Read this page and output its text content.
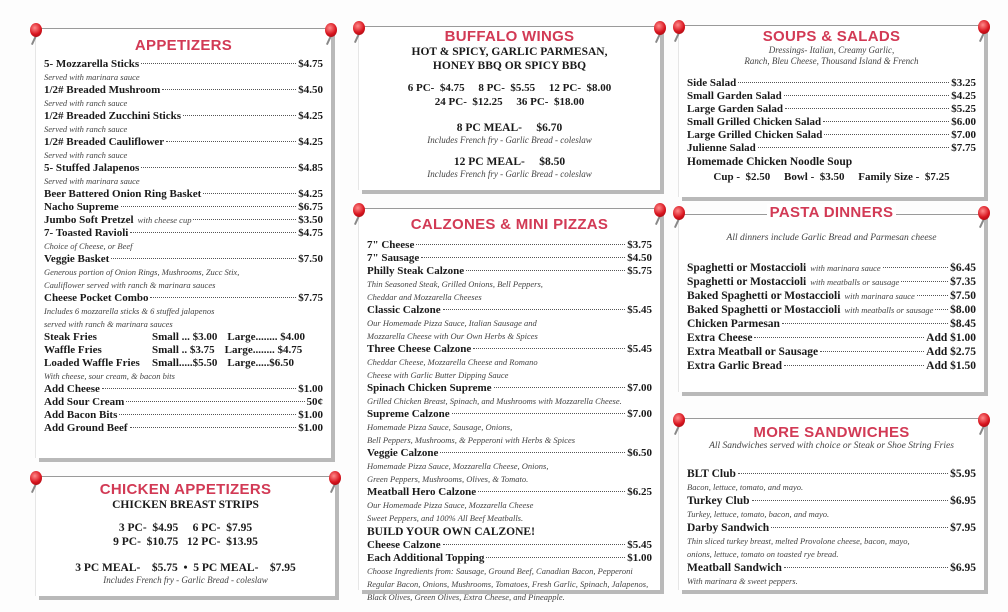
APPETIZERS
5- Mozzarella Sticks	$4.75
Served with marinara sauce
1/2# Breaded Mushroom	$4.50
Served with ranch sauce
1/2# Breaded Zucchini Sticks	$4.25
Served with ranch sauce
1/2# Breaded Cauliflower	$4.25
Served with ranch sauce
5- Stuffed Jalapenos	$4.85
Served with marinara sauce
Beer Battered Onion Ring Basket	$4.25
Nacho Supreme	$6.75
Jumbo Soft Pretzel with cheese cup	$3.50
7- Toasted Ravioli	$4.75
Choice of Cheese, or Beef
Veggie Basket	$7.50
Generous portion of Onion Rings, Mushrooms, Zucc Stix,
Cauliflower served with ranch & marinara sauces
Cheese Pocket Combo	$7.75
Includes 6 mozzarella sticks & 6 stuffed jalapenos
served with ranch & marinara sauces
Steak Fries	Small ... $3.00 Large........ $4.00
Waffle Fries	Small .. $3.75 Large........ $4.75
Loaded Waffle Fries	Small.....$5.50 Large.....$6.50
With cheese, sour cream, & bacon bits
Add Cheese	$1.00
Add Sour Cream	50¢
Add Bacon Bits	$1.00
Add Ground Beef	$1.00
CHICKEN APPETIZERS
CHICKEN BREAST STRIPS
3 PC-  $4.95     6 PC-  $7.95
9 PC-  $10.75   12 PC-  $13.95
3 PC MEAL-    $5.75  •  5 PC MEAL-    $7.95
Includes French fry - Garlic Bread - coleslaw
BUFFALO WINGS
HOT & SPICY, GARLIC PARMESAN,
HONEY BBQ OR SPICY BBQ
6 PC-  $4.75     8 PC-  $5.55     12 PC-  $8.00
24 PC-  $12.25     36 PC-  $18.00
8 PC MEAL-     $6.70
Includes French fry - Garlic Bread - coleslaw
12 PC MEAL-     $8.50
Includes French fry - Garlic Bread - coleslaw
CALZONES & MINI PIZZAS
7" Cheese	$3.75
7" Sausage	$4.50
Philly Steak Calzone	$5.75
Thin Seasoned Steak, Grilled Onions, Bell Peppers,
Cheddar and Mozzarella Cheeses
Classic Calzone	$5.45
Our Homemade Pizza Sauce, Italian Sausage and
Mozzarella Cheese with Our Own Herbs & Spices
Three Cheese Calzone	$5.45
Cheddar Cheese, Mozzarella Cheese and Romano
Cheese with Garlic Butter Dipping Sauce
Spinach Chicken Supreme	$7.00
Grilled Chicken Breast, Spinach, and Mushrooms with Mozzarella Cheese.
Supreme Calzone	$7.00
Homemade Pizza Sauce, Sausage, Onions,
Bell Peppers, Mushrooms, & Pepperoni with Herbs & Spices
Veggie Calzone	$6.50
Homemade Pizza Sauce, Mozzarella Cheese, Onions,
Green Peppers, Mushrooms, Olives, & Tomato.
Meatball Hero Calzone	$6.25
Our Homemade Pizza Sauce, Mozzarella Cheese
Sweet Peppers, and 100% All Beef Meatballs.
BUILD YOUR OWN CALZONE!
Cheese Calzone	$5.45
Each Additional Topping	$1.00
Choose Ingredients from: Sausage, Ground Beef, Canadian Bacon, Pepperoni
Regular Bacon, Onions, Mushrooms, Tomatoes, Fresh Garlic, Spinach, Jalapenos,
Black Olives, Green Olives, Extra Cheese, and Pineapple.
SOUPS & SALADS
Dressings- Italian, Creamy Garlic,
Ranch, Bleu Cheese, Thousand Island & French
Side Salad	$3.25
Small Garden Salad	$4.25
Large Garden Salad	$5.25
Small Grilled Chicken Salad	$6.00
Large Grilled Chicken Salad	$7.00
Julienne Salad	$7.75
Homemade Chicken Noodle Soup
Cup -  $2.50     Bowl -  $3.50     Family Size -  $7.25
PASTA DINNERS
All dinners include Garlic Bread and Parmesan cheese
Spaghetti or Mostaccioli with marinara sauce	$6.45
Spaghetti or Mostaccioli with meatballs or sausage	$7.35
Baked Spaghetti or Mostaccioli with marinara sauce	$7.50
Baked Spaghetti or Mostaccioli with meatballs or sausage $8.00
Chicken Parmesan	$8.45
Extra Cheese	Add $1.00
Extra Meatball or Sausage	Add $2.75
Extra Garlic Bread	Add $1.50
MORE SANDWICHES
All Sandwiches served with choice or Steak or Shoe String Fries
BLT Club	$5.95
Bacon, lettuce, tomato, and mayo.
Turkey Club	$6.95
Turkey, lettuce, tomato, bacon, and mayo.
Darby Sandwich	$7.95
Thin sliced turkey breast, melted Provolone cheese, bacon, mayo,
onions, lettuce, tomato on toasted rye bread.
Meatball Sandwich	$6.95
With marinara & sweet peppers.
